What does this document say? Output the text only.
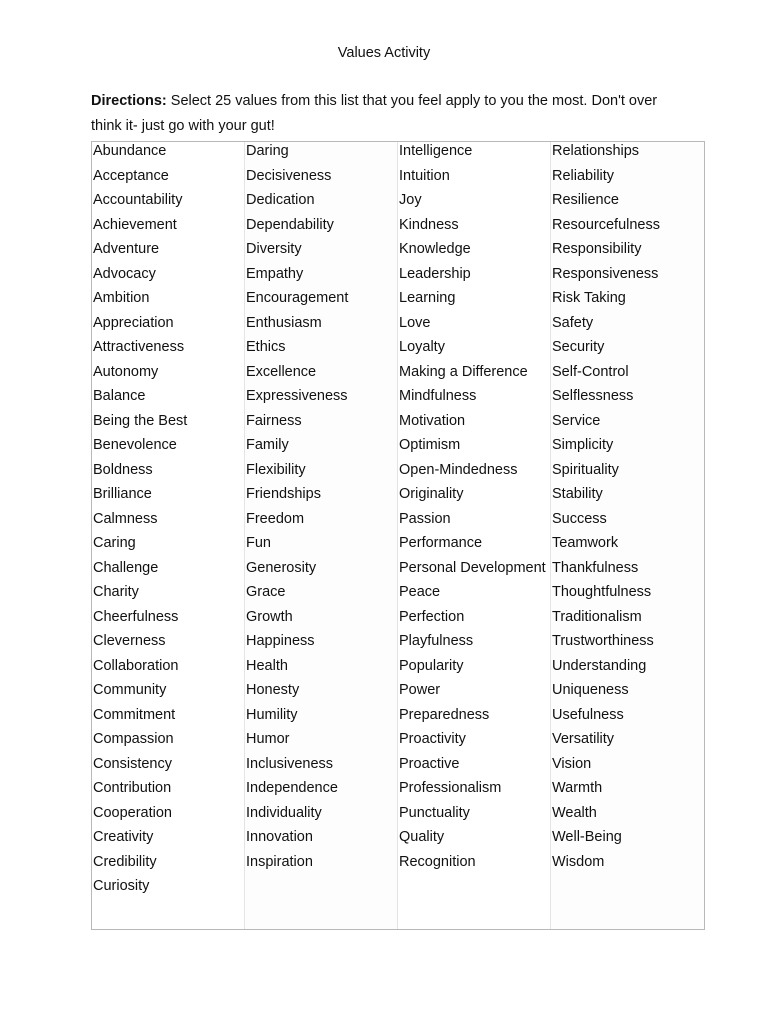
Values Activity
Directions: Select 25 values from this list that you feel apply to you the most. Don't over think it- just go with your gut!
Abundance
Acceptance
Accountability
Achievement
Adventure
Advocacy
Ambition
Appreciation
Attractiveness
Autonomy
Balance
Being the Best
Benevolence
Boldness
Brilliance
Calmness
Caring
Challenge
Charity
Cheerfulness
Cleverness
Collaboration
Community
Commitment
Compassion
Consistency
Contribution
Cooperation
Creativity
Credibility
Curiosity
Daring
Decisiveness
Dedication
Dependability
Diversity
Empathy
Encouragement
Enthusiasm
Ethics
Excellence
Expressiveness
Fairness
Family
Flexibility
Friendships
Freedom
Fun
Generosity
Grace
Growth
Happiness
Health
Honesty
Humility
Humor
Inclusiveness
Independence
Individuality
Innovation
Inspiration
Intelligence
Intuition
Joy
Kindness
Knowledge
Leadership
Learning
Love
Loyalty
Making a Difference
Mindfulness
Motivation
Optimism
Open-Mindedness
Originality
Passion
Performance
Personal Development
Peace
Perfection
Playfulness
Popularity
Power
Preparedness
Proactivity
Proactive
Professionalism
Punctuality
Quality
Recognition
Relationships
Reliability
Resilience
Resourcefulness
Responsibility
Responsiveness
Risk Taking
Safety
Security
Self-Control
Selflessness
Service
Simplicity
Spirituality
Stability
Success
Teamwork
Thankfulness
Thoughtfulness
Traditionalism
Trustworthiness
Understanding
Uniqueness
Usefulness
Versatility
Vision
Warmth
Wealth
Well-Being
Wisdom
